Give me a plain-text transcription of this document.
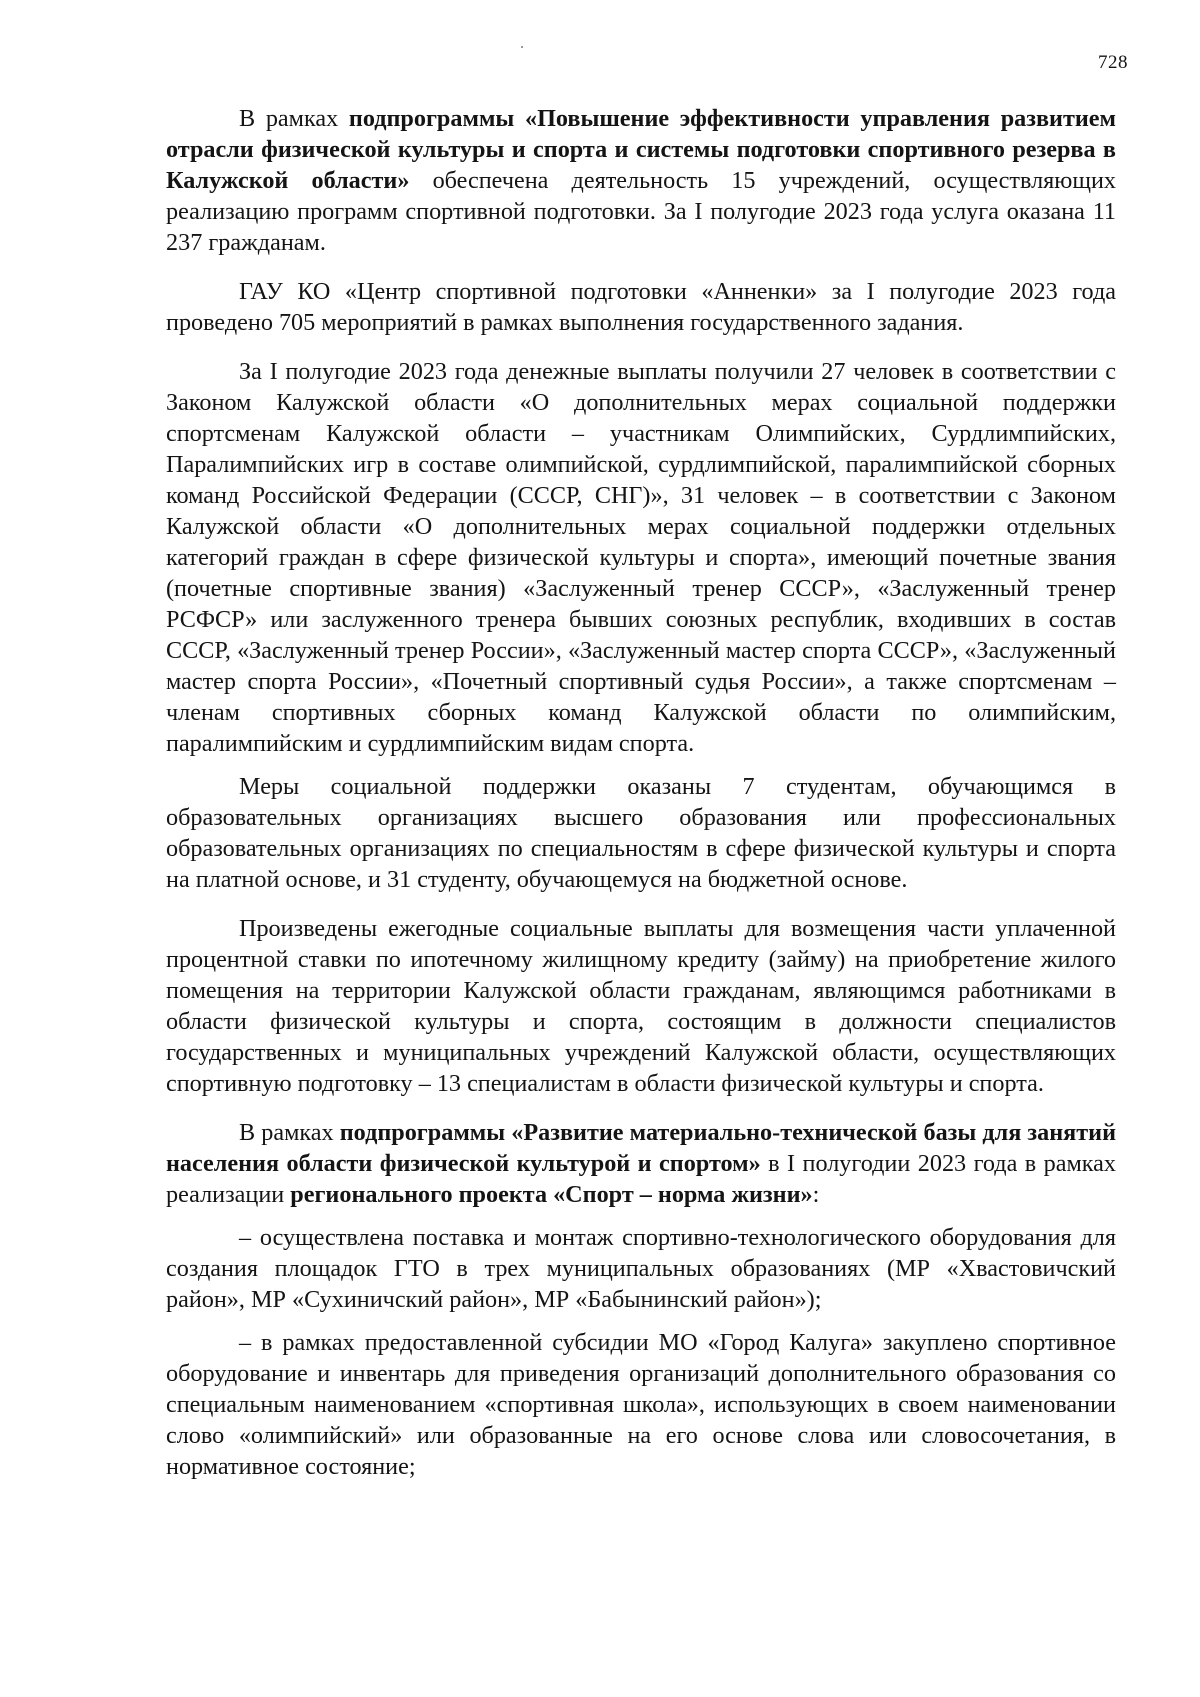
728

В рамках подпрограммы «Повышение эффективности управления развитием отрасли физической культуры и спорта и системы подготовки спортивного резерва в Калужской области» обеспечена деятельность 15 учреждений, осуществляющих реализацию программ спортивной подготовки. За I полугодие 2023 года услуга оказана 11 237 гражданам.

ГАУ КО «Центр спортивной подготовки «Анненки» за I полугодие 2023 года проведено 705 мероприятий в рамках выполнения государственного задания.

За I полугодие 2023 года денежные выплаты получили 27 человек в соответствии с Законом Калужской области «О дополнительных мерах социальной поддержки спортсменам Калужской области – участникам Олимпийских, Сурдлимпийских, Паралимпийских игр в составе олимпийской, сурдлимпийской, паралимпийской сборных команд Российской Федерации (СССР, СНГ)», 31 человек – в соответствии с Законом Калужской области «О дополнительных мерах социальной поддержки отдельных категорий граждан в сфере физической культуры и спорта», имеющий почетные звания (почетные спортивные звания) «Заслуженный тренер СССР», «Заслуженный тренер РСФСР» или заслуженного тренера бывших союзных республик, входивших в состав СССР, «Заслуженный тренер России», «Заслуженный мастер спорта СССР», «Заслуженный мастер спорта России», «Почетный спортивный судья России», а также спортсменам – членам спортивных сборных команд Калужской области по олимпийским, паралимпийским и сурдлимпийским видам спорта.

Меры социальной поддержки оказаны 7 студентам, обучающимся в образовательных организациях высшего образования или профессиональных образовательных организациях по специальностям в сфере физической культуры и спорта на платной основе, и 31 студенту, обучающемуся на бюджетной основе.

Произведены ежегодные социальные выплаты для возмещения части уплаченной процентной ставки по ипотечному жилищному кредиту (займу) на приобретение жилого помещения на территории Калужской области гражданам, являющимся работниками в области физической культуры и спорта, состоящим в должности специалистов государственных и муниципальных учреждений Калужской области, осуществляющих спортивную подготовку – 13 специалистам в области физической культуры и спорта.

В рамках подпрограммы «Развитие материально-технической базы для занятий населения области физической культурой и спортом» в I полугодии 2023 года в рамках реализации регионального проекта «Спорт – норма жизни»:

– осуществлена поставка и монтаж спортивно-технологического оборудования для создания площадок ГТО в трех муниципальных образованиях (МР «Хвастовичский район», МР «Сухиничский район», МР «Бабынинский район»);

– в рамках предоставленной субсидии МО «Город Калуга» закуплено спортивное оборудование и инвентарь для приведения организаций дополнительного образования со специальным наименованием «спортивная школа», использующих в своем наименовании слово «олимпийский» или образованные на его основе слова или словосочетания, в нормативное состояние;
